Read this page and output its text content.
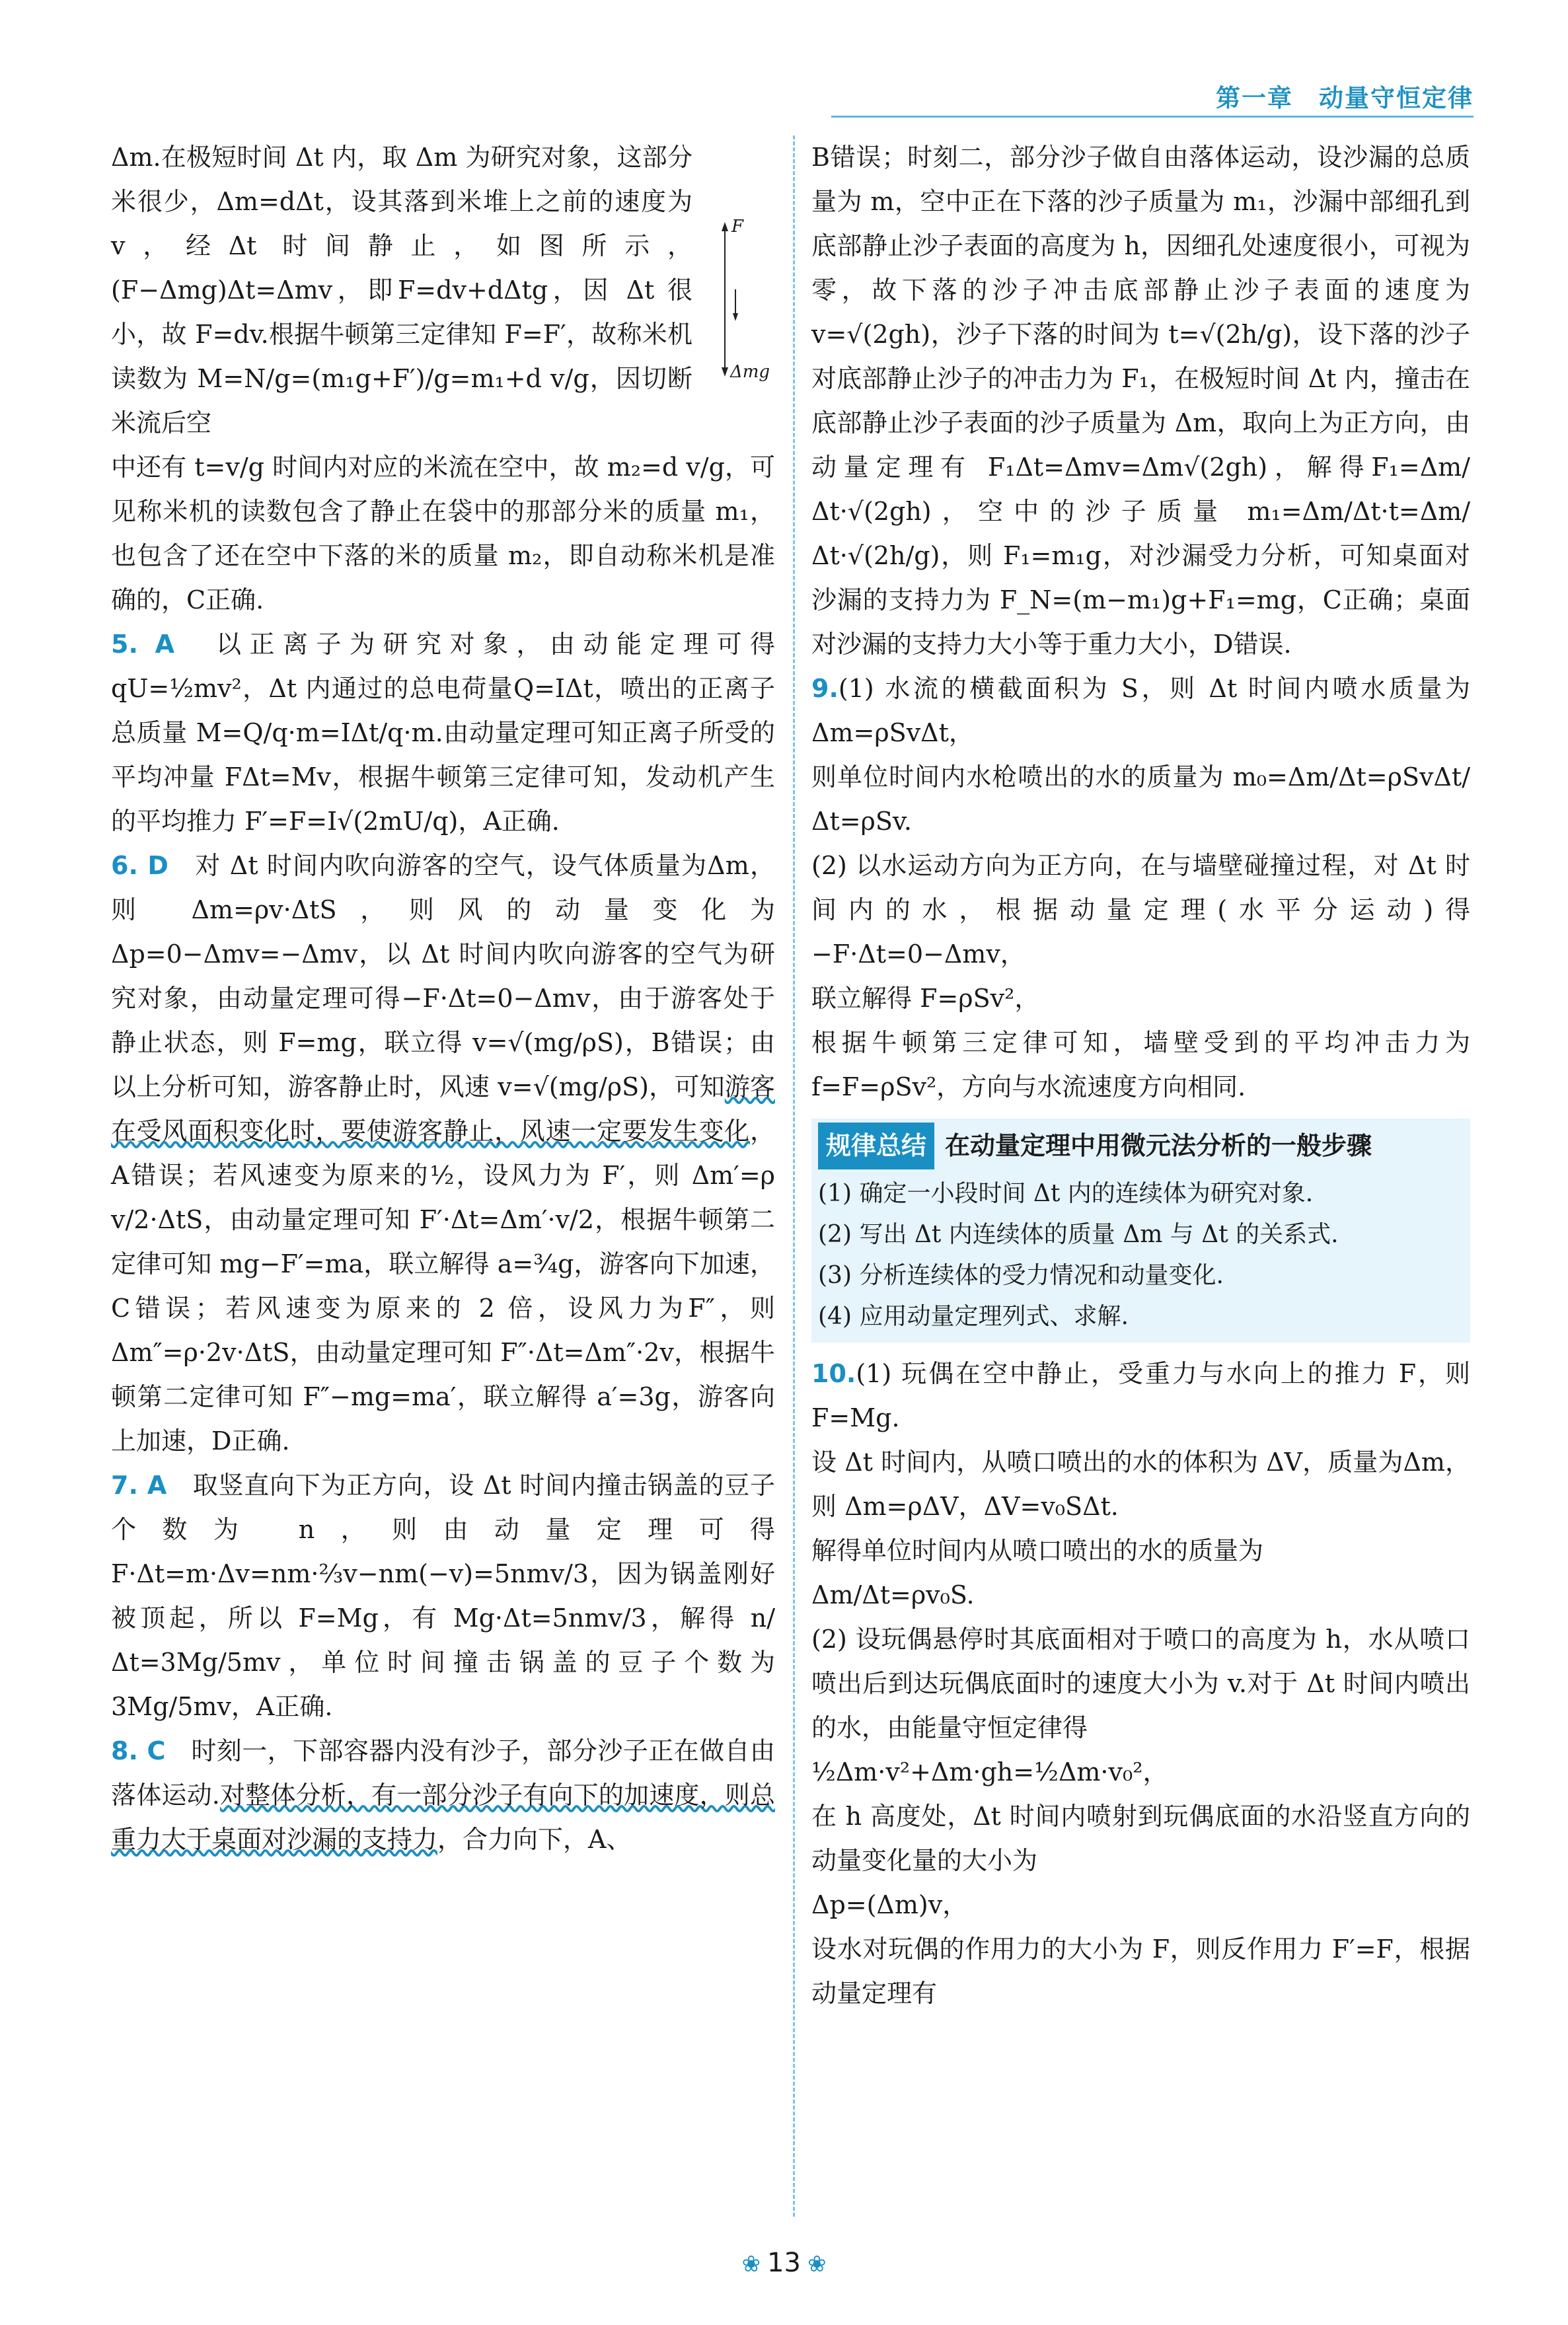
第一章　动量守恒定律
F
Δmg

Δm.在极短时间 Δt 内，取 Δm 为研究对象，这部分米很少，Δm=dΔt，设其落到米堆上之前的速度为 v，经Δt 时间静止，如图所示，(F−Δmg)Δt=Δmv，即F=dv+dΔtg，因 Δt 很小，故 F=dv.根据牛顿第三定律知 F=F′，故称米机读数为 M=N/g=(m₁g+F′)/g=m₁+d v/g，因切断米流后空

中还有 t=v/g 时间内对应的米流在空中，故 m₂=d v/g，可见称米机的读数包含了静止在袋中的那部分米的质量 m₁，也包含了还在空中下落的米的质量 m₂，即自动称米机是准确的，C正确.

5. A　 以正离子为研究对象，由动能定理可得 qU=½mv²，Δt 内通过的总电荷量Q=IΔt，喷出的正离子总质量 M=Q/q·m=IΔt/q·m.由动量定理可知正离子所受的平均冲量 FΔt=Mv，根据牛顿第三定律可知，发动机产生的平均推力 F′=F=I√(2mU/q)，A正确.

6. D　 对 Δt 时间内吹向游客的空气，设气体质量为Δm，则 Δm=ρv·ΔtS，则风的动量变化为 Δp=0−Δmv=−Δmv，以 Δt 时间内吹向游客的空气为研究对象，由动量定理可得−F·Δt=0−Δmv，由于游客处于静止状态，则 F=mg，联立得 v=√(mg/ρS)，B错误；由以上分析可知，游客静止时，风速 v=√(mg/ρS)，可知游客在受风面积变化时，要使游客静止，风速一定要发生变化，A错误；若风速变为原来的½，设风力为 F′，则 Δm′=ρ v/2·ΔtS，由动量定理可知 F′·Δt=Δm′·v/2，根据牛顿第二定律可知 mg−F′=ma，联立解得 a=¾g，游客向下加速，C错误；若风速变为原来的 2 倍，设风力为F″，则 Δm″=ρ·2v·ΔtS，由动量定理可知 F″·Δt=Δm″·2v，根据牛顿第二定律可知 F″−mg=ma′，联立解得 a′=3g，游客向上加速，D正确.

7. A　 取竖直向下为正方向，设 Δt 时间内撞击锅盖的豆子个数为 n，则由动量定理可得 F·Δt=m·Δv=nm·⅔v−nm(−v)=5nmv/3，因为锅盖刚好被顶起，所以 F=Mg，有 Mg·Δt=5nmv/3，解得 n/Δt=3Mg/5mv，单位时间撞击锅盖的豆子个数为3Mg/5mv，A正确.

8. C　 时刻一，下部容器内没有沙子，部分沙子正在做自由落体运动.对整体分析，有一部分沙子有向下的加速度，则总重力大于桌面对沙漏的支持力，合力向下，A、

B错误；时刻二，部分沙子做自由落体运动，设沙漏的总质量为 m，空中正在下落的沙子质量为 m₁，沙漏中部细孔到底部静止沙子表面的高度为 h，因细孔处速度很小，可视为零，故下落的沙子冲击底部静止沙子表面的速度为 v=√(2gh)，沙子下落的时间为 t=√(2h/g)，设下落的沙子对底部静止沙子的冲击力为 F₁，在极短时间 Δt 内，撞击在底部静止沙子表面的沙子质量为 Δm，取向上为正方向，由动量定理有 F₁Δt=Δmv=Δm√(2gh)，解得F₁=Δm/Δt·√(2gh)，空中的沙子质量 m₁=Δm/Δt·t=Δm/Δt·√(2h/g)，则 F₁=m₁g，对沙漏受力分析，可知桌面对沙漏的支持力为 F_N=(m−m₁)g+F₁=mg，C正确；桌面对沙漏的支持力大小等于重力大小，D错误.

9.(1) 水流的横截面积为 S，则 Δt 时间内喷水质量为Δm=ρSvΔt，

则单位时间内水枪喷出的水的质量为 m₀=Δm/Δt=ρSvΔt/Δt=ρSv.

(2) 以水运动方向为正方向，在与墙壁碰撞过程，对 Δt 时间内的水，根据动量定理(水平分运动)得−F·Δt=0−Δmv，

联立解得 F=ρSv²，

根据牛顿第三定律可知，墙壁受到的平均冲击力为 f=F=ρSv²，方向与水流速度方向相同.

规律总结 在动量定理中用微元法分析的一般步骤
(1) 确定一小段时间 Δt 内的连续体为研究对象.
(2) 写出 Δt 内连续体的质量 Δm 与 Δt 的关系式.
(3) 分析连续体的受力情况和动量变化.
(4) 应用动量定理列式、求解.

10.(1) 玩偶在空中静止，受重力与水向上的推力 F，则F=Mg.

设 Δt 时间内，从喷口喷出的水的体积为 ΔV，质量为Δm，则 Δm=ρΔV，ΔV=v₀SΔt.

解得单位时间内从喷口喷出的水的质量为

Δm/Δt=ρv₀S.

(2) 设玩偶悬停时其底面相对于喷口的高度为 h，水从喷口喷出后到达玩偶底面时的速度大小为 v.对于 Δt 时间内喷出的水，由能量守恒定律得

½Δm·v²+Δm·gh=½Δm·v₀²，

在 h 高度处，Δt 时间内喷射到玩偶底面的水沿竖直方向的动量变化量的大小为

Δp=(Δm)v，

设水对玩偶的作用力的大小为 F，则反作用力 F′=F，根据动量定理有

❀ 13 ❀
